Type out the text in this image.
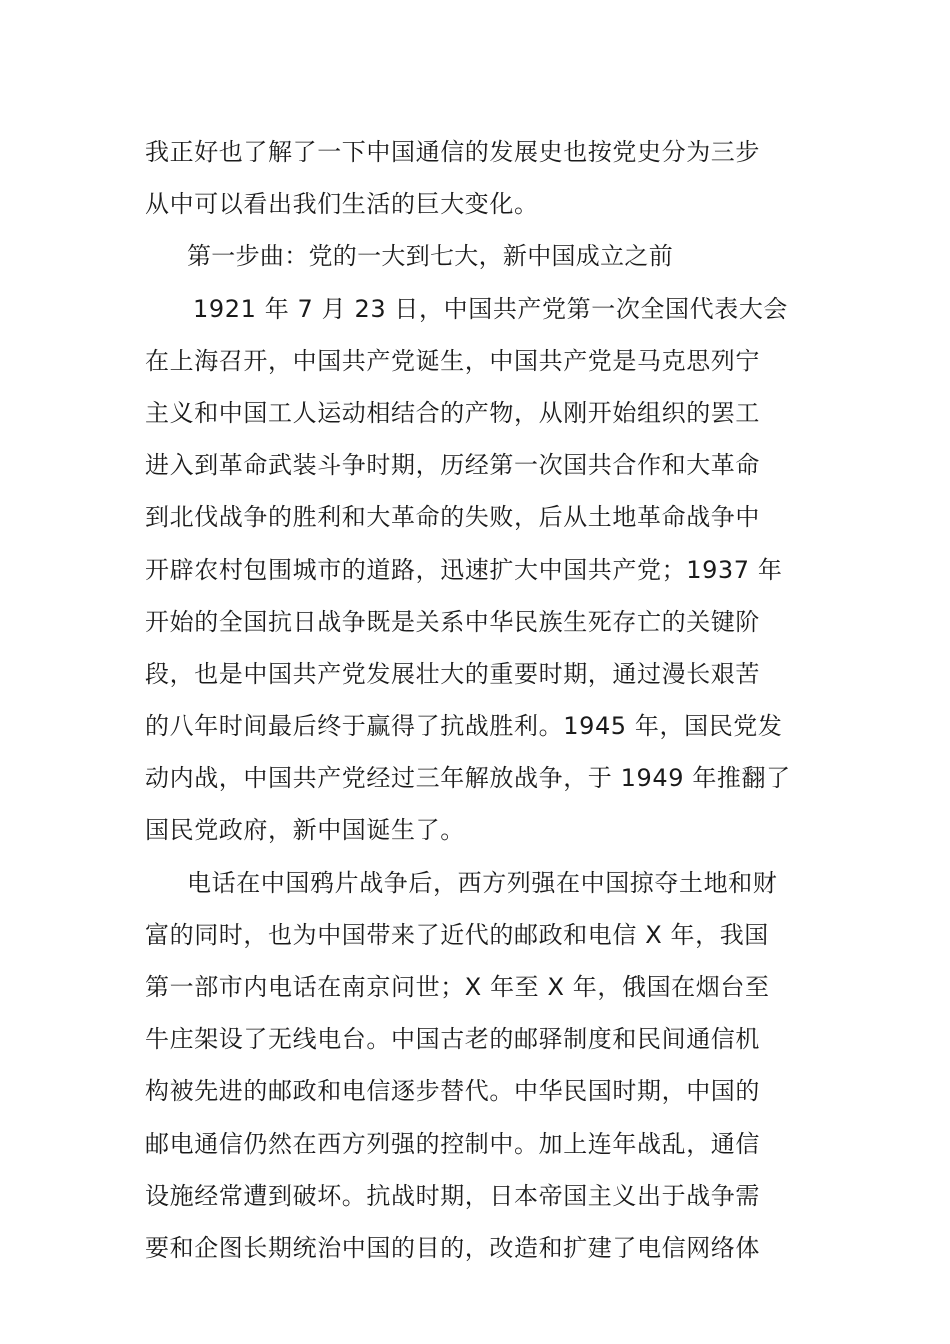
我正好也了解了一下中国通信的发展史也按党史分为三步
从中可以看出我们生活的巨大变化。
第一步曲：党的一大到七大，新中国成立之前
1921 年 7 月 23 日，中国共产党第一次全国代表大会
在上海召开，中国共产党诞生，中国共产党是马克思列宁
主义和中国工人运动相结合的产物，从刚开始组织的罢工
进入到革命武装斗争时期，历经第一次国共合作和大革命
到北伐战争的胜利和大革命的失败，后从土地革命战争中
开辟农村包围城市的道路，迅速扩大中国共产党；1937 年
开始的全国抗日战争既是关系中华民族生死存亡的关键阶
段，也是中国共产党发展壮大的重要时期，通过漫长艰苦
的八年时间最后终于赢得了抗战胜利。1945 年，国民党发
动内战，中国共产党经过三年解放战争，于 1949 年推翻了
国民党政府，新中国诞生了。
电话在中国鸦片战争后，西方列强在中国掠夺土地和财
富的同时，也为中国带来了近代的邮政和电信 X 年，我国
第一部市内电话在南京问世；X 年至 X 年，俄国在烟台至
牛庄架设了无线电台。中国古老的邮驿制度和民间通信机
构被先进的邮政和电信逐步替代。中华民国时期，中国的
邮电通信仍然在西方列强的控制中。加上连年战乱，通信
设施经常遭到破坏。抗战时期，日本帝国主义出于战争需
要和企图长期统治中国的目的，改造和扩建了电信网络体
